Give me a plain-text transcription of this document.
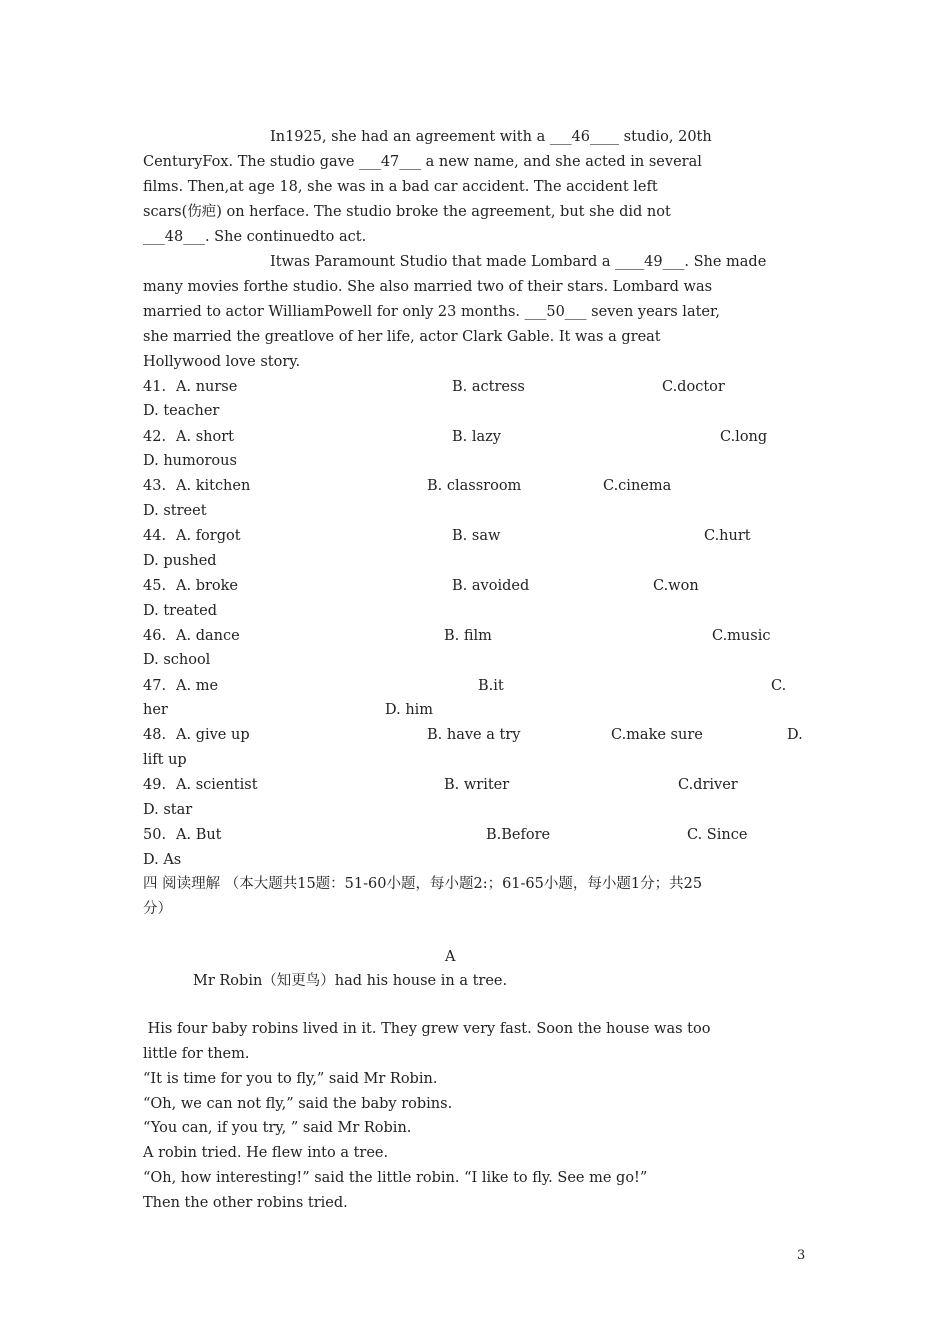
In1925, she had an agreement with a ___46____ studio, 20th
CenturyFox. The studio gave ___47___ a new name, and she acted in several
films. Then,at age 18, she was in a bad car accident. The accident left
scars(伤疤) on herface. The studio broke the agreement, but she did not
___48___. She continuedto act.
Itwas Paramount Studio that made Lombard a ____49___. She made
many movies forthe studio. She also married two of their stars. Lombard was
married to actor WilliamPowell for only 23 months. ___50___ seven years later,
she married the greatlove of her life, actor Clark Gable. It was a great
Hollywood love story.
41. A. nurse	B. actress	C.doctor
D. teacher
42. A. short	B. lazy	C.long
D. humorous
43. A. kitchen	B. classroom	C.cinema
D. street
44. A. forgot	B. saw	C.hurt
D. pushed
45. A. broke	B. avoided	C.won
D. treated
46. A. dance	B. film	C.music
D. school
47. A. me	B.it	C.
her	D. him
48. A. give up	B. have a try	C.make sure	D.
lift up
49. A. scientist	B. writer	C.driver
D. star
50. A. But	B.Before	C. Since
D. As
四 阅读理解 （本大题共15题：51-60小题，每小题2:；61-65小题，每小题1分；共25
分）
A
Mr Robin（知更鸟）had his house in a tree.
His four baby robins lived in it. They grew very fast. Soon the house was too
little for them.
“It is time for you to fly,” said Mr Robin.
“Oh, we can not fly,” said the baby robins.
“You can, if you try, ” said Mr Robin.
A robin tried. He flew into a tree.
“Oh, how interesting!” said the little robin. “I like to fly. See me go!”
Then the other robins tried.
3
